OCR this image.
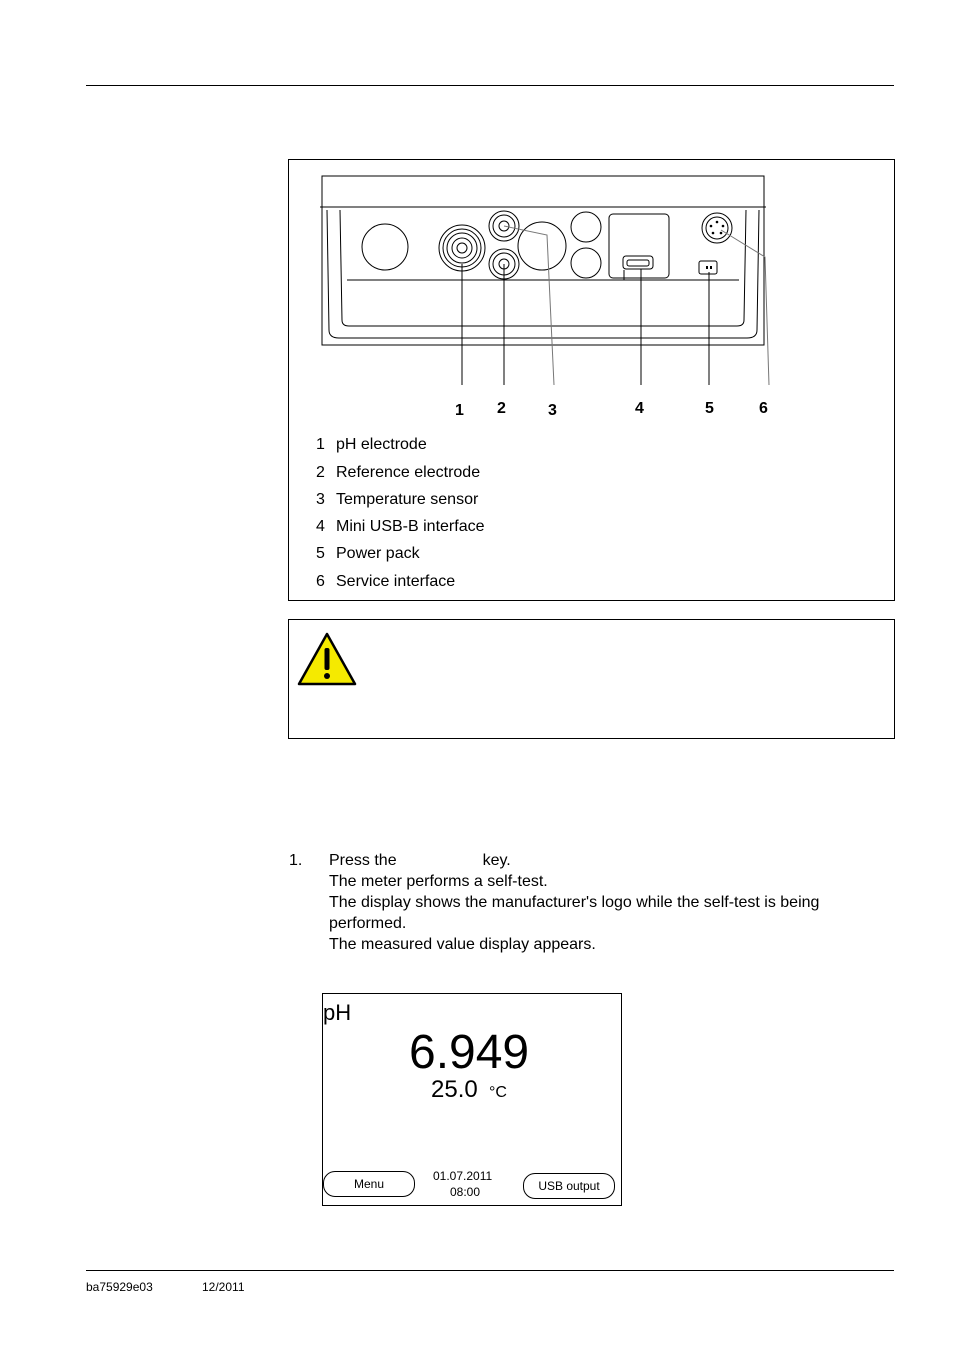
1 2	3	4	5	6
1 pH electrode
2 Reference electrode
3 Temperature sensor
4 Mini USB-B interface
5 Power pack
6 Service interface
1. Press the	key.
The meter performs a self-test.
The display shows the manufacturer's logo while the self-test is being performed.
The measured value display appears.
pH
6.949
25.0 °C
Menu
01.07.2011
08:00	USB output
ba75929e03	12/2011
